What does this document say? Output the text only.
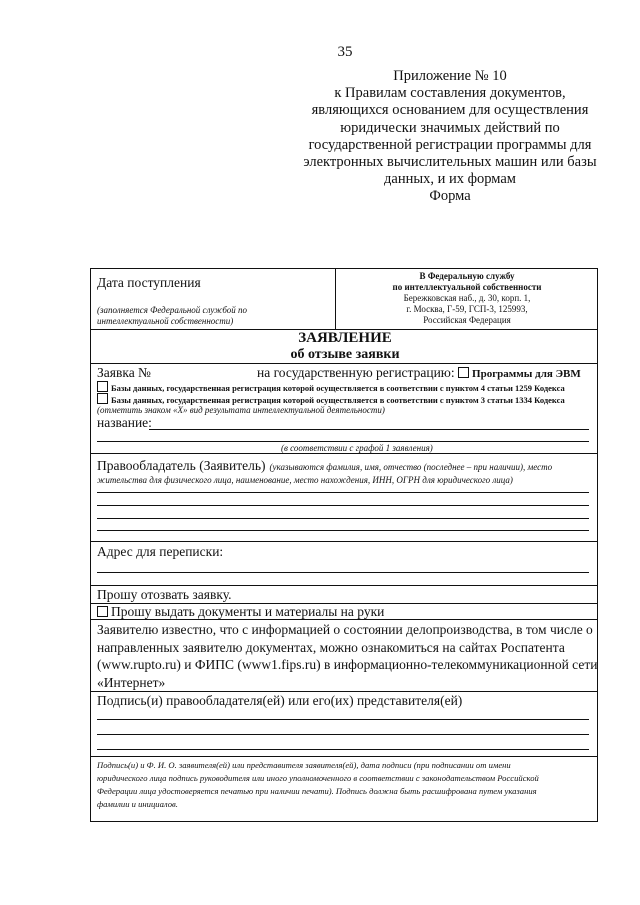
35
Приложение № 10
к Правилам составления документов,
являющихся основанием для осуществления
юридически значимых действий по
государственной регистрации программы для
электронных вычислительных машин или базы
данных, и их формам
Форма
Дата поступления
(заполняется Федеральной службой по
интеллектуальной собственности)
В Федеральную службу
по интеллектуальной собственности
Бережковская наб., д. 30, корп. 1,
г. Москва, Г-59, ГСП-3, 125993,
Российская Федерация
ЗАЯВЛЕНИЕ
об отзыве заявки
Заявка №	на государственную регистрацию: Программы для ЭВМ
Базы данных, государственная регистрация которой осуществляется в соответствии с пунктом 4 статьи 1259 Кодекса
Базы данных, государственная регистрация которой осуществляется в соответствии с пунктом 3 статьи 1334 Кодекса
(отметить знаком «X» вид результата интеллектуальной деятельности)
название:
(в соответствии с графой 1 заявления)
Правообладатель (Заявитель) (указываются фамилия, имя, отчество (последнее – при наличии), место
жительства для физического лица, наименование, место нахождения, ИНН, ОГРН для юридического лица)
Адрес для переписки:
Прошу отозвать заявку.
Прошу выдать документы и материалы на руки
Заявителю известно, что с информацией о состоянии делопроизводства, в том числе о
направленных заявителю документах, можно ознакомиться на сайтах Роспатента
(www.rupto.ru) и ФИПС (www1.fips.ru) в информационно-телекоммуникационной сети
«Интернет»
Подпись(и) правообладателя(ей) или его(их) представителя(ей)
Подпись(и) и Ф. И. О. заявителя(ей) или представителя заявителя(ей), дата подписи (при подписании от имени
юридического лица подпись руководителя или иного уполномоченного в соответствии с законодательством Российской
Федерации лица удостоверяется печатью при наличии печати). Подпись должна быть расшифрована путем указания
фамилии и инициалов.
